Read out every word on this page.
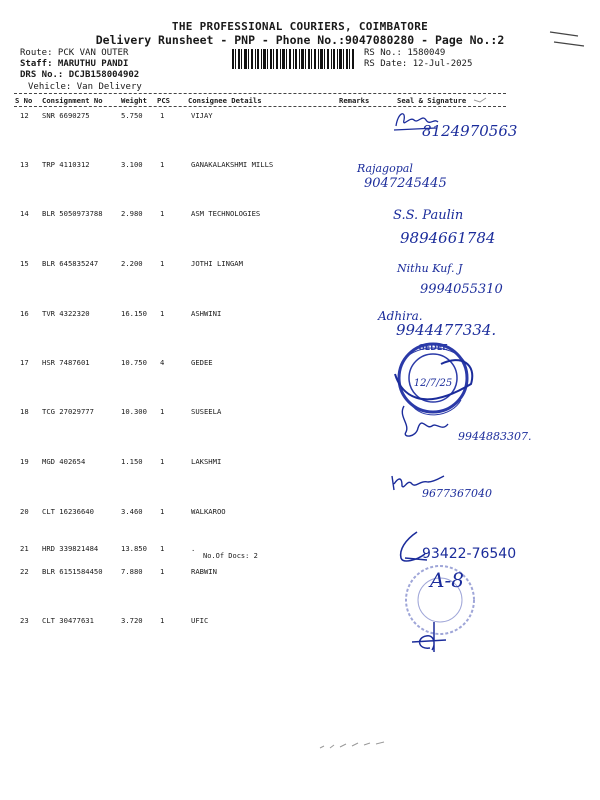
THE PROFESSIONAL COURIERS, COIMBATORE
Delivery Runsheet - PNP - Phone No.:9047080280 - Page No.:2
Route: PCK VAN OUTER
Staff: MARUTHU PANDI
DRS No.: DCJB158004902
Vehicle: Van Delivery
RS No.: 1580049
RS Date: 12-Jul-2025
S No Consignment No	Weight PCS	Consignee Details	Remarks	Seal & Signature
12 SNR 6690275	5.750 1	VIJAY
13 TRP 4110312	3.100 1	GANAKALAKSHMI MILLS
14 BLR 5050973788	2.980 1	ASM TECHNOLOGIES
15 BLR 645835247	2.200 1	JOTHI LINGAM
16 TVR 4322320	16.150 1	ASHWINI
17 HSR 7487601	10.750 4	GEDEE
18 TCG 27029777	10.300 1	SUSEELA
19 MGD 402654	1.150 1	LAKSHMI
20 CLT 16236640	3.460 1	WALKAROO
21 HRD 339821484	13.850 1	.
No.Of Docs: 2
22 BLR 6151584450	7.880 1	RABWIN
23 CLT 30477631	3.720 1	UFIC
8124970563
Rajagopal
9047245445
S.S. Paulin
9894661784
Nithu Kuf. J
9994055310
Adhira.
9944477334.
GEDEE
12/7/25
9944883307.
9677367040
93422-76540
A-8
